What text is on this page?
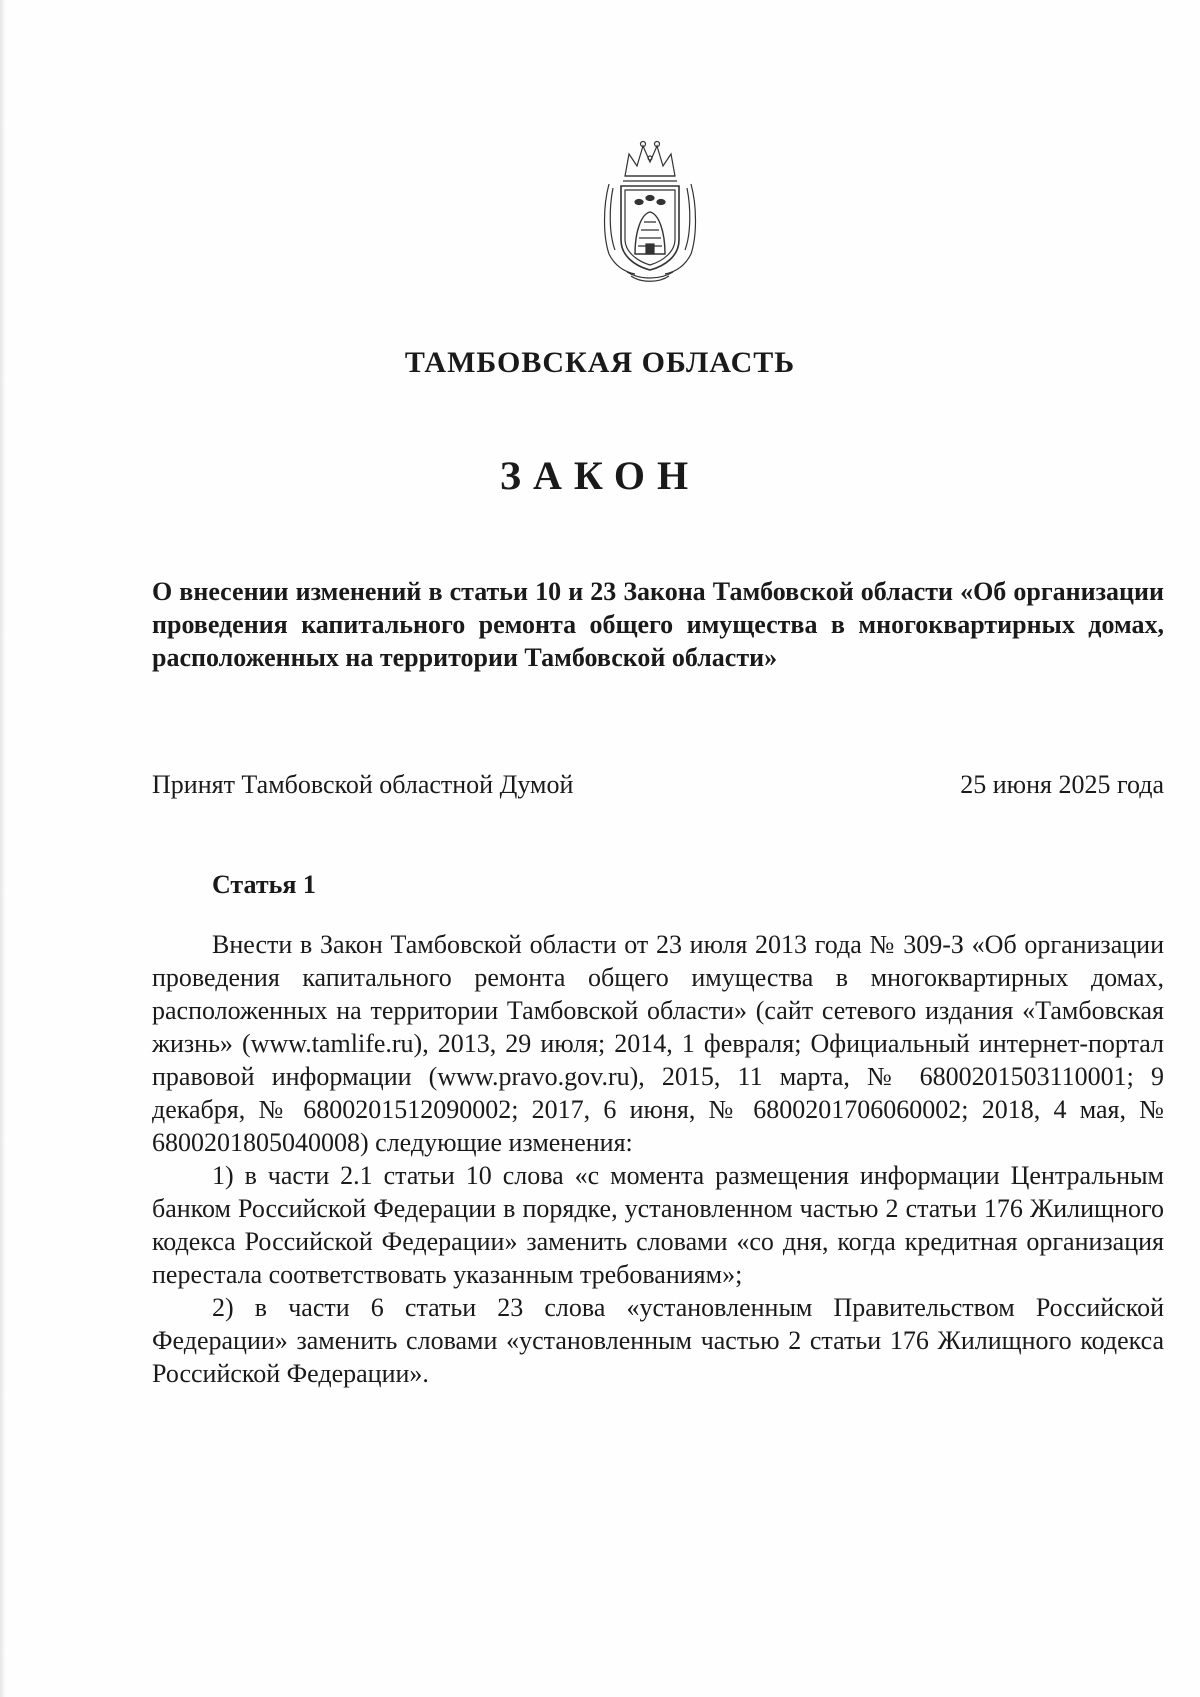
ТАМБОВСКАЯ ОБЛАСТЬ
ЗАКОН
О внесении изменений в статьи 10 и 23 Закона Тамбовской области «Об организации проведения капитального ремонта общего имущества в многоквартирных домах, расположенных на территории Тамбовской области»
Принят Тамбовской областной Думой	25 июня 2025 года
Статья 1

Внести в Закон Тамбовской области от 23 июля 2013 года № 309-З «Об организации проведения капитального ремонта общего имущества в многоквартирных домах, расположенных на территории Тамбовской области» (сайт сетевого издания «Тамбовская жизнь» (www.tamlife.ru), 2013, 29 июля; 2014, 1 февраля; Официальный интернет-портал правовой информации (www.pravo.gov.ru), 2015, 11 марта, № 6800201503110001; 9 декабря, № 6800201512090002; 2017, 6 июня, № 6800201706060002; 2018, 4 мая, № 6800201805040008) следующие изменения:

1) в части 2.1 статьи 10 слова «с момента размещения информации Центральным банком Российской Федерации в порядке, установленном частью 2 статьи 176 Жилищного кодекса Российской Федерации» заменить словами «со дня, когда кредитная организация перестала соответствовать указанным требованиям»;

2) в части 6 статьи 23 слова «установленным Правительством Российской Федерации» заменить словами «установленным частью 2 статьи 176 Жилищного кодекса Российской Федерации».
